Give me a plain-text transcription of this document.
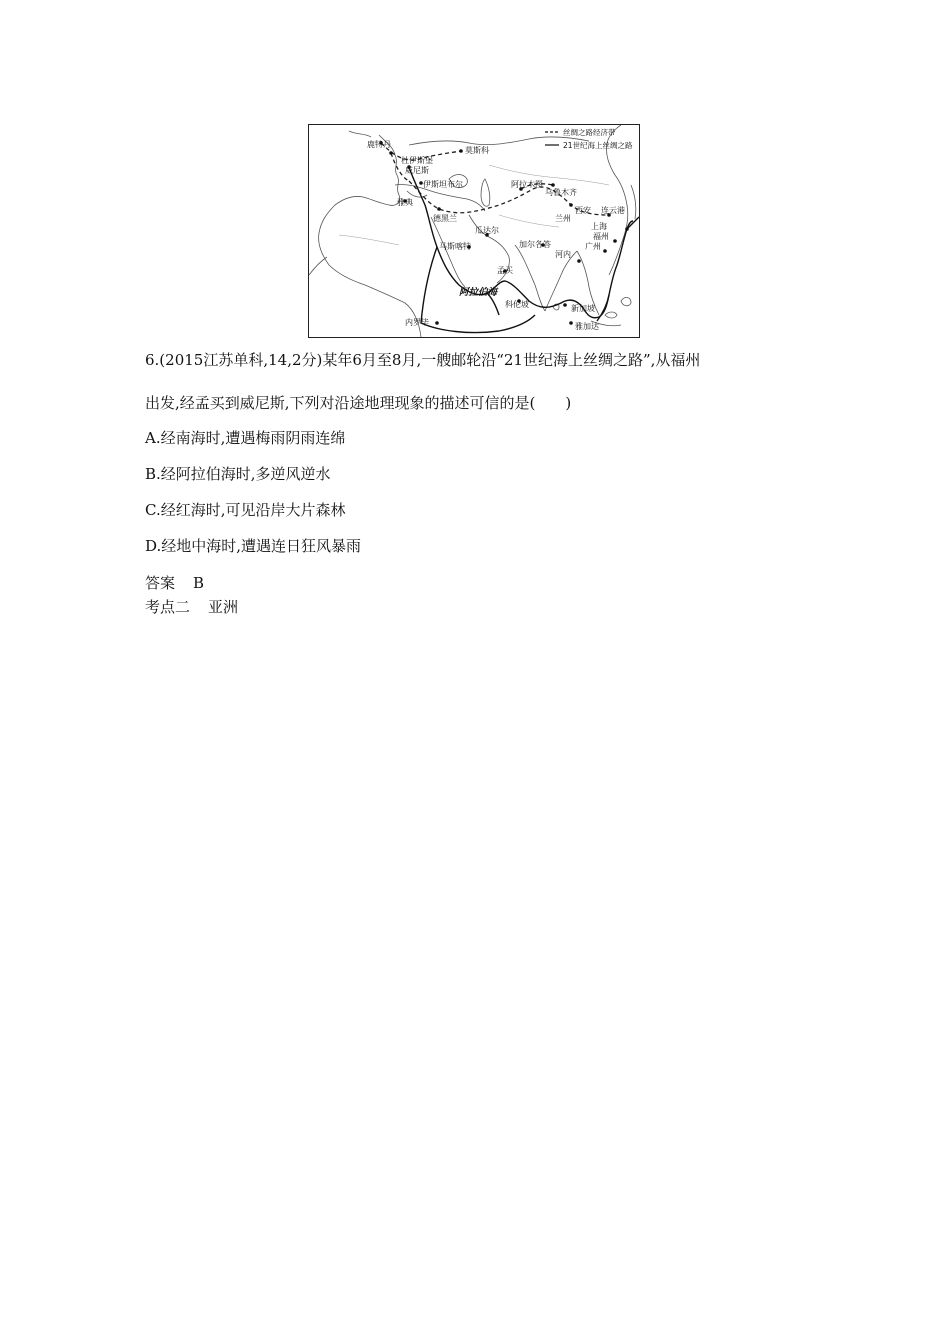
丝绸之路经济带
21世纪海上丝绸之路
鹿特丹
杜伊斯堡
威尼斯
莫斯科
伊斯坦布尔
雅典
德黑兰
阿拉木图
乌鲁木齐
兰州
西安 连云港
上海
福州
广州
瓜达尔
马斯喀特	加尔各答
孟买
河内
阿拉伯海
科伦坡	新加坡
雅加达
内罗毕
6.(2015江苏单科,14,2分)某年6月至8月,一艘邮轮沿“21世纪海上丝绸之路”,从福州
出发,经孟买到威尼斯,下列对沿途地理现象的描述可信的是(　　)
A.经南海时,遭遇梅雨阴雨连绵
B.经阿拉伯海时,多逆风逆水
C.经红海时,可见沿岸大片森林
D.经地中海时,遭遇连日狂风暴雨
答案 B
考点二 亚洲
